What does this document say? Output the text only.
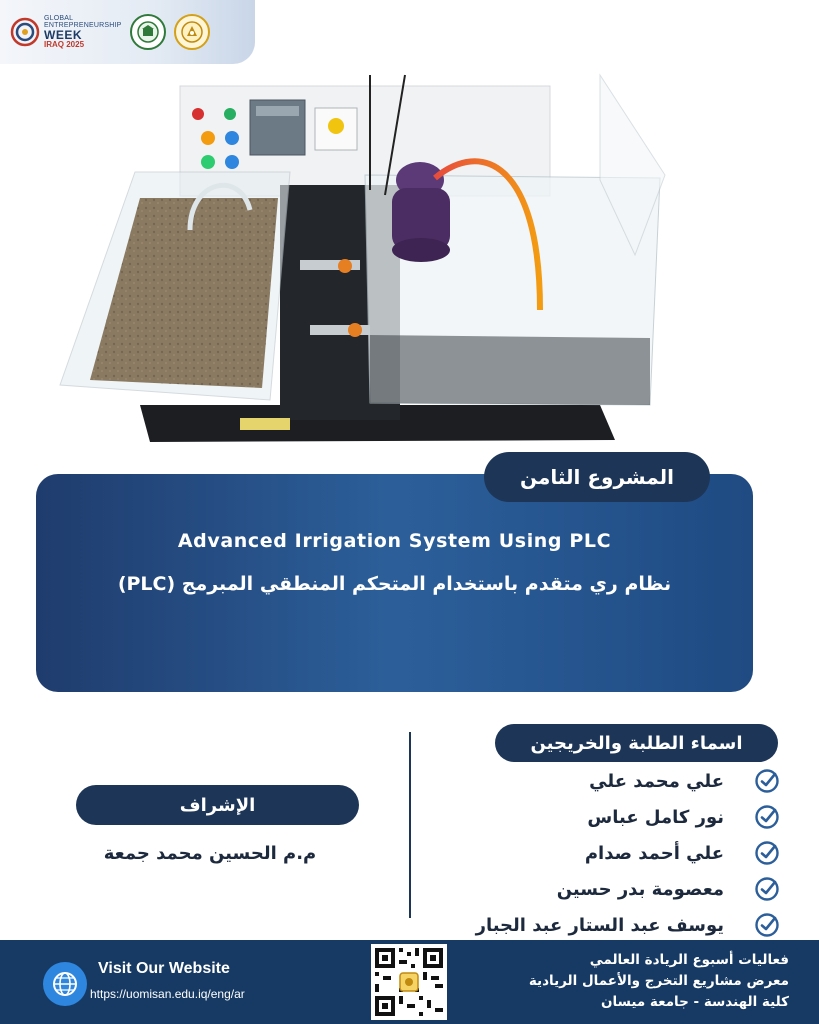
GLOBAL
ENTREPRENEURSHIP
WEEK
IRAQ 2025
المشروع الثامن
Advanced Irrigation System Using PLC
نظام ري متقدم باستخدام المتحكم المنطقي المبرمج (PLC)
اسماء الطلبة والخريجين
علي محمد علي
نور كامل عباس
علي أحمد صدام
معصومة بدر حسين
يوسف عبد الستار عبد الجبار
الإشراف
م.م الحسين محمد جمعة
Visit Our Website
https://uomisan.edu.iq/eng/ar
فعاليات أسبوع الريادة العالمي
معرض مشاريع التخرج والأعمال الريادية
كلية الهندسة - جامعة ميسان
